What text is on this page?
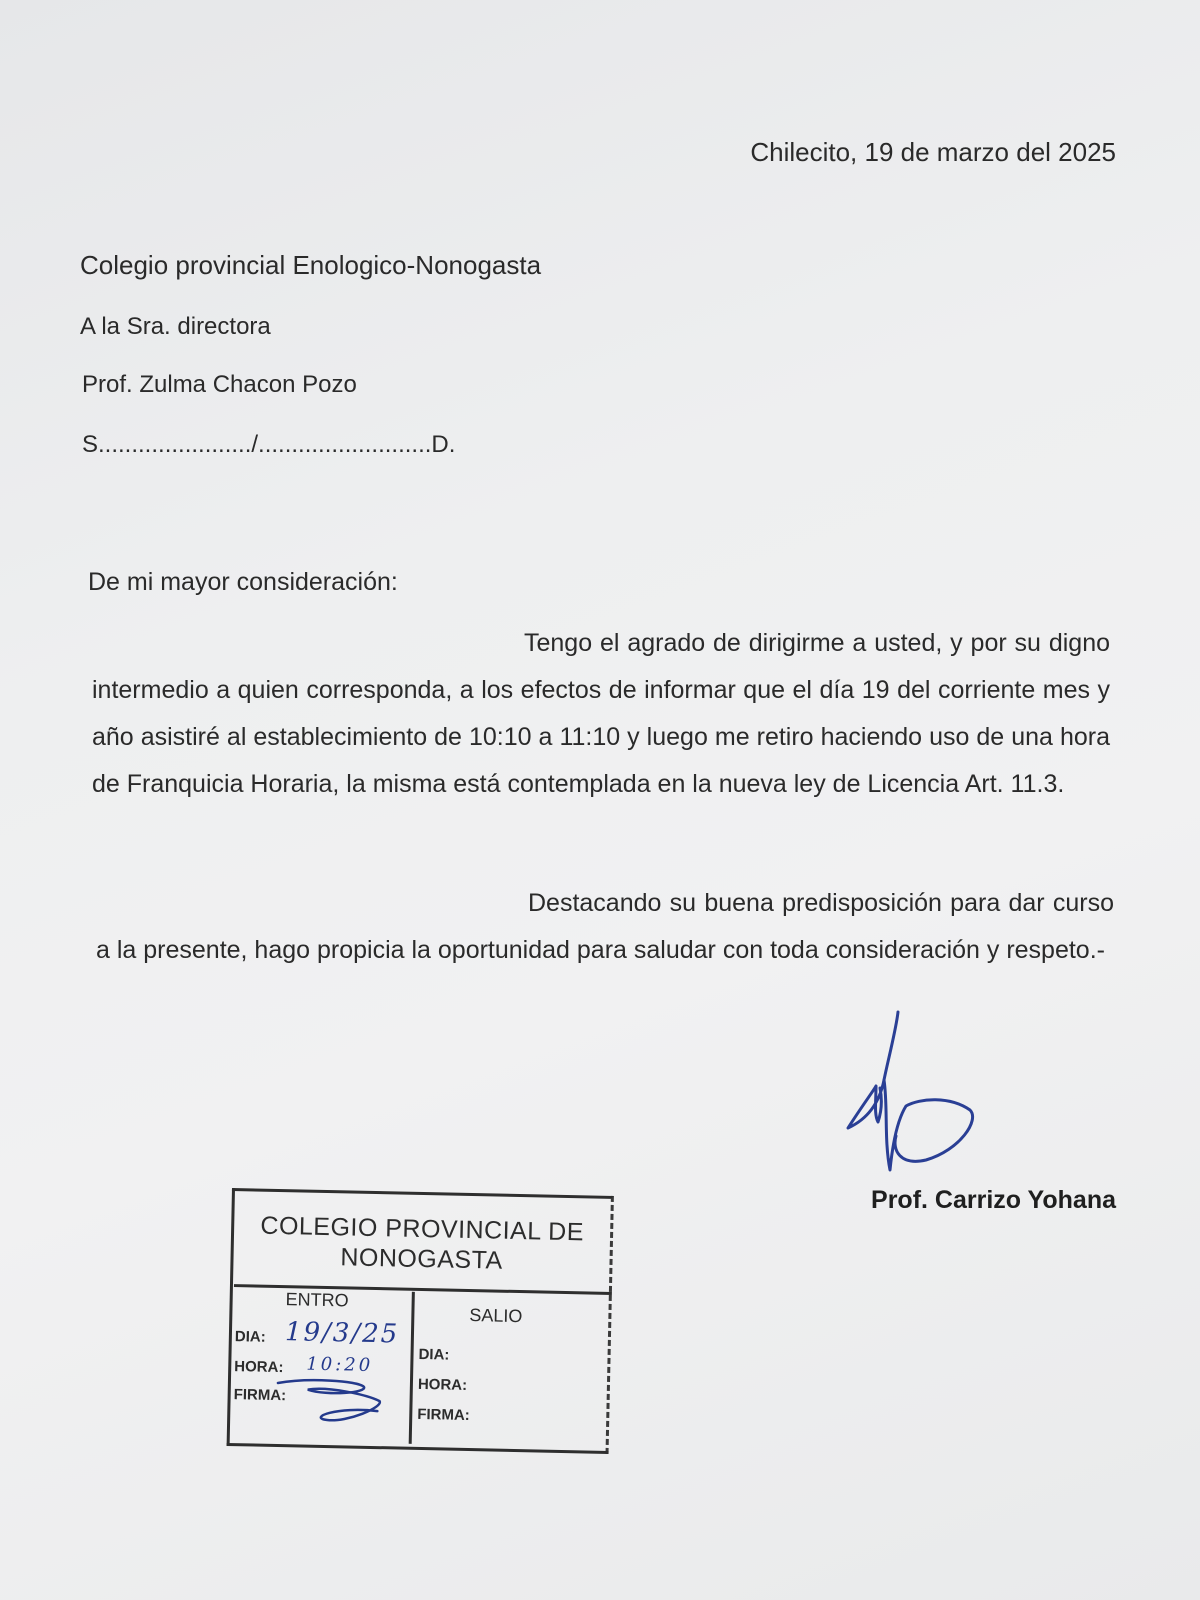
Chilecito, 19 de marzo del 2025
Colegio provincial Enologico-Nonogasta
A la Sra. directora
Prof. Zulma Chacon Pozo
S......................./..........................D.
De mi mayor consideración:

Tengo el agrado de dirigirme a usted, y por su digno intermedio a quien corresponda, a los efectos de informar que el día 19 del corriente mes y año asistiré al establecimiento de 10:10 a 11:10 y luego me retiro haciendo uso de una hora de Franquicia Horaria, la misma está contemplada en la nueva ley de Licencia Art. 11.3.

Destacando su buena predisposición para dar curso a la presente, hago propicia la oportunidad para saludar con toda consideración y respeto.-

Prof. Carrizo Yohana
COLEGIO PROVINCIAL DE NONOGASTA
ENTRO
SALIO
DIA:
HORA:
FIRMA:
DIA:
HORA:
FIRMA:
19/3/25
10:20
